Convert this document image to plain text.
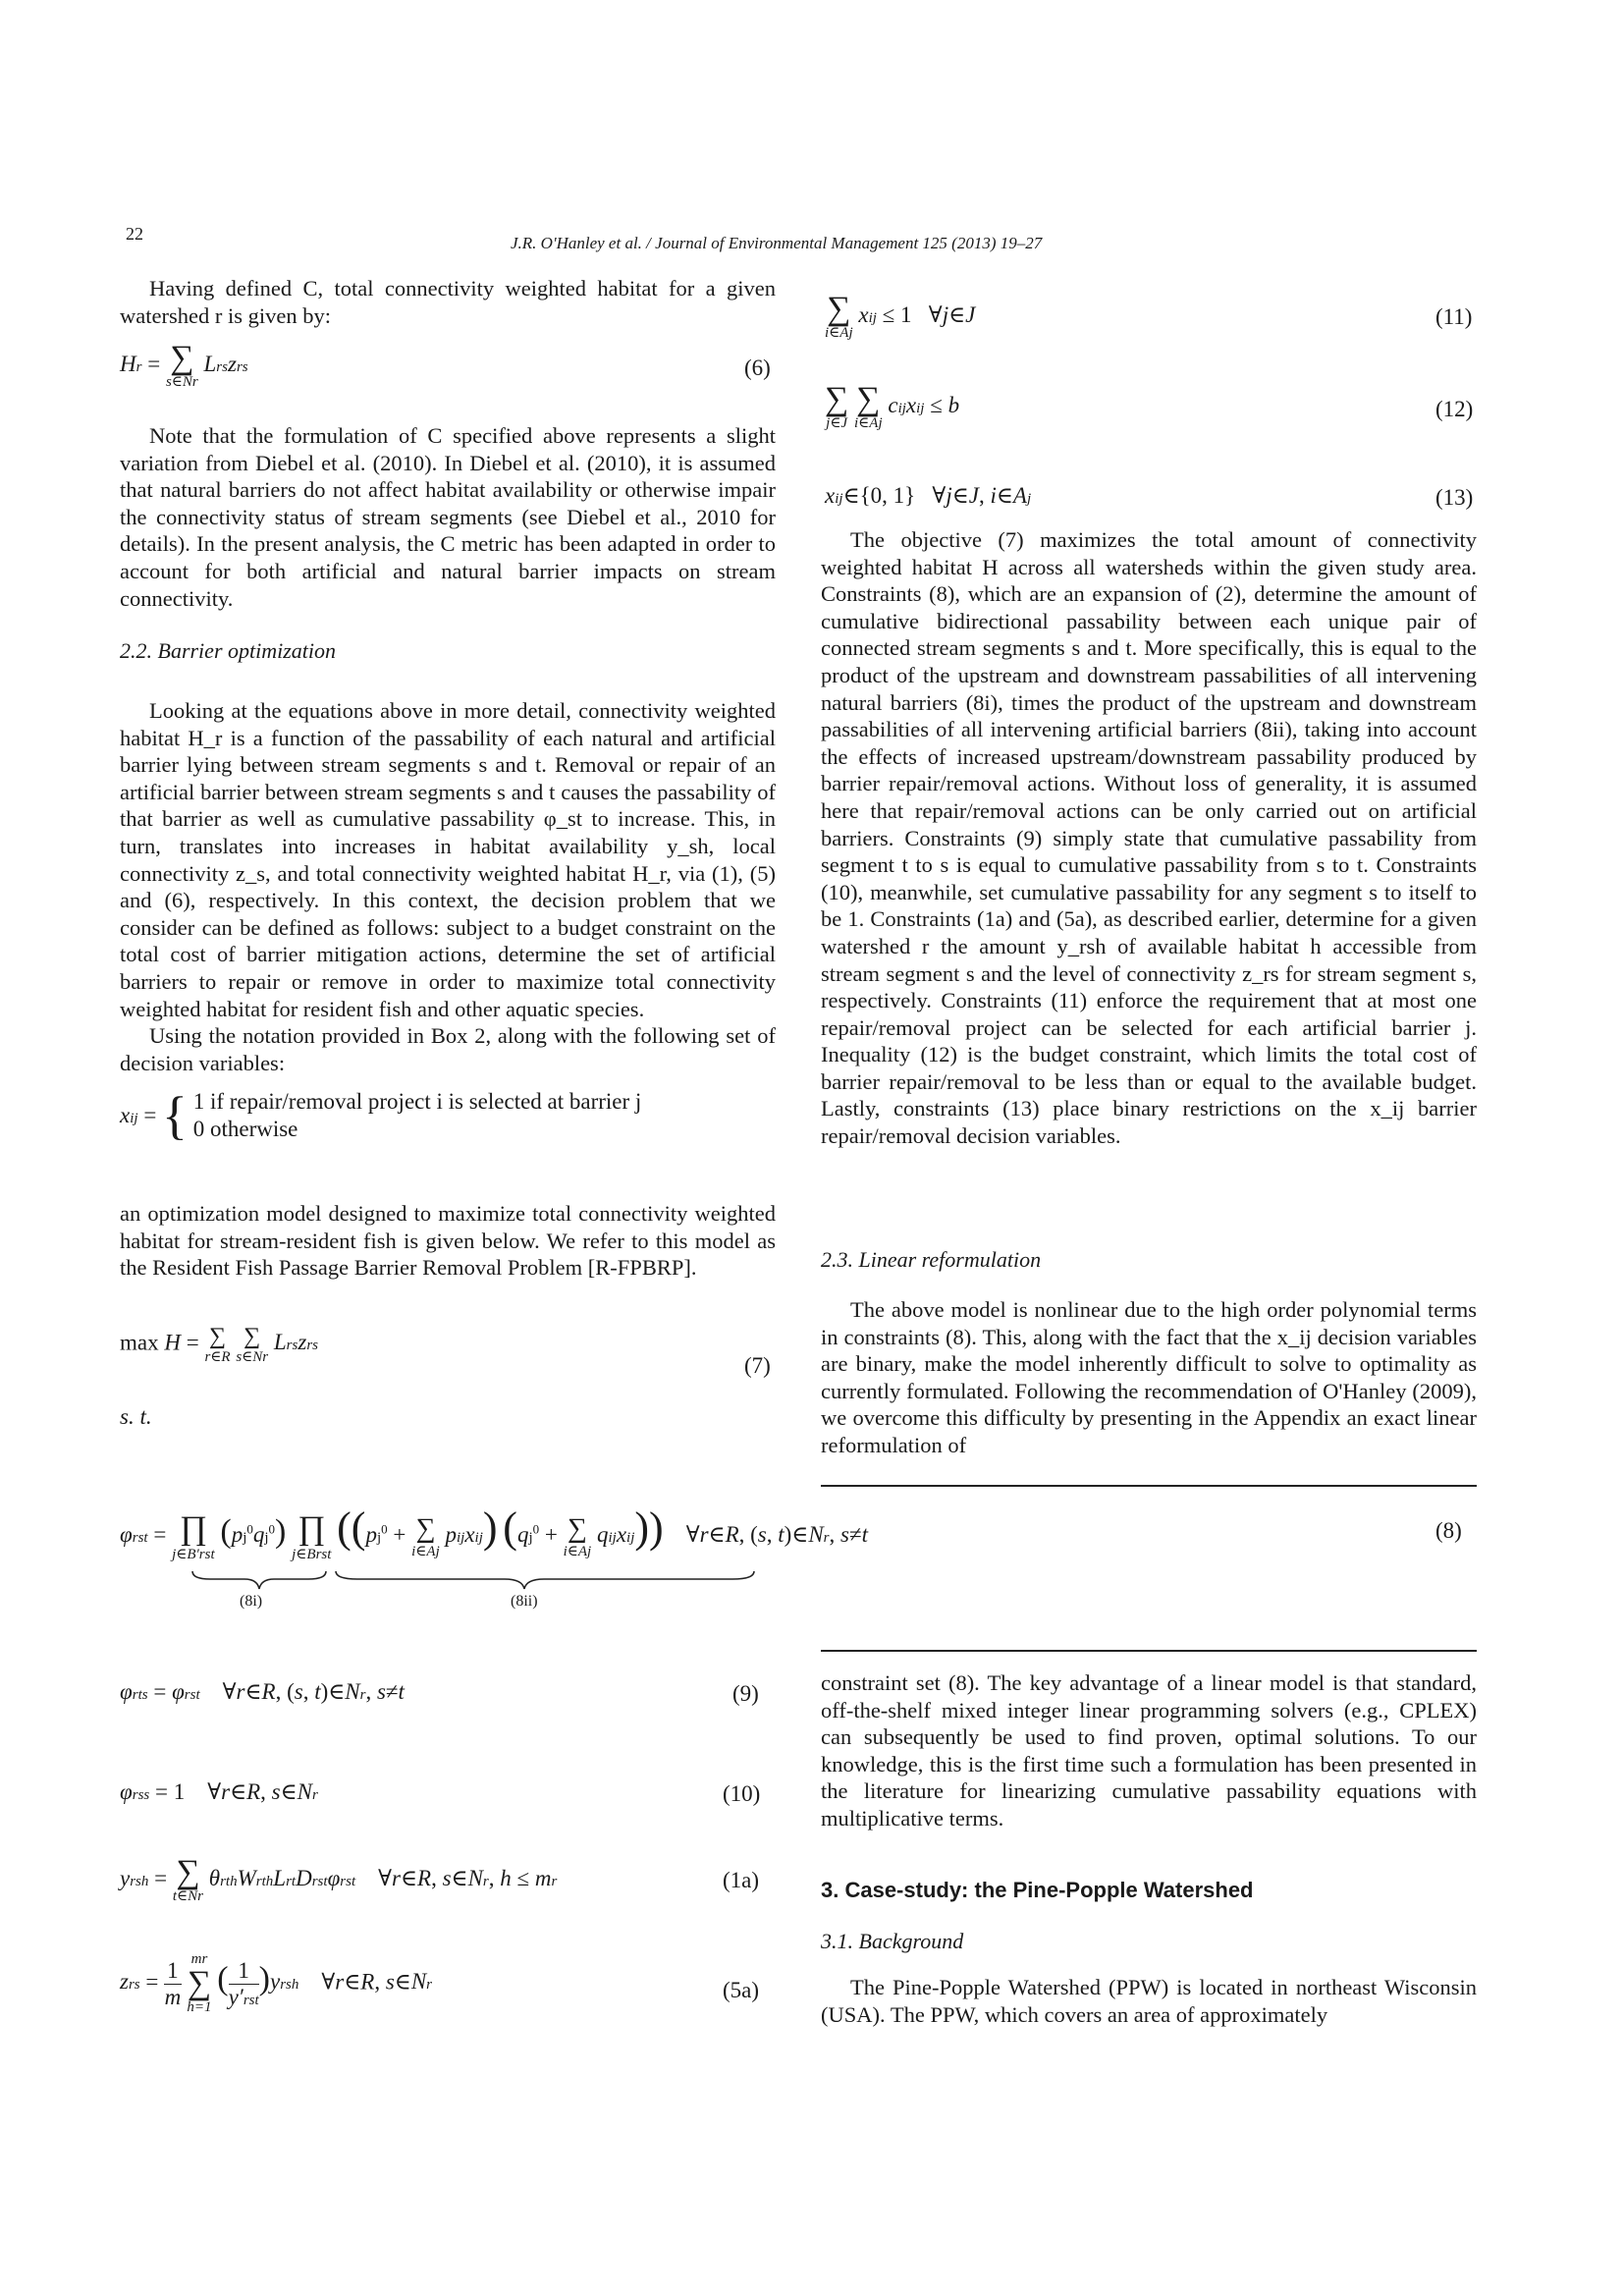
22	J.R. O'Hanley et al. / Journal of Environmental Management 125 (2013) 19–27

Having defined C, total connectivity weighted habitat for a given watershed r is given by:

Hr = ∑
s∈Nr
Lrszrs	(6)

Note that the formulation of C specified above represents a slight variation from Diebel et al. (2010). In Diebel et al. (2010), it is assumed that natural barriers do not affect habitat availability or otherwise impair the connectivity status of stream segments (see Diebel et al., 2010 for details). In the present analysis, the C metric has been adapted in order to account for both artificial and natural barrier impacts on stream connectivity.

2.2. Barrier optimization

Looking at the equations above in more detail, connectivity weighted habitat H_r is a function of the passability of each natural and artificial barrier lying between stream segments s and t. Removal or repair of an artificial barrier between stream segments s and t causes the passability of that barrier as well as cumulative passability φ_st to increase. This, in turn, translates into increases in habitat availability y_sh, local connectivity z_s, and total connectivity weighted habitat H_r, via (1), (5) and (6), respectively. In this context, the decision problem that we consider can be defined as follows: subject to a budget constraint on the total cost of barrier mitigation actions, determine the set of artificial barriers to repair or remove in order to maximize total connectivity weighted habitat for resident fish and other aquatic species.

Using the notation provided in Box 2, along with the following set of decision variables:

xij = { 1 if repair/removal project i is selected at barrier j
0 otherwise

an optimization model designed to maximize total connectivity weighted habitat for stream-resident fish is given below. We refer to this model as the Resident Fish Passage Barrier Removal Problem [R-FPBRP].

max H = ∑
r∈R
∑
s∈Nr
Lrszrs
(7)
s. t.
∑
i∈Aj
xij ≤ 1   ∀j∈J	(11)
∑
j∈J
∑
i∈Aj
cijxij ≤ b	(12)
xij∈{0, 1}   ∀j∈J, i∈Aj	(13)

The objective (7) maximizes the total amount of connectivity weighted habitat H across all watersheds within the given study area. Constraints (8), which are an expansion of (2), determine the amount of cumulative bidirectional passability between each unique pair of connected stream segments s and t. More specifically, this is equal to the product of the upstream and downstream passabilities of all intervening natural barriers (8i), times the product of the upstream and downstream passabilities of all intervening artificial barriers (8ii), taking into account the effects of increased upstream/downstream passability produced by barrier repair/removal actions. Without loss of generality, it is assumed here that repair/removal actions can be only carried out on artificial barriers. Constraints (9) simply state that cumulative passability from segment t to s is equal to cumulative passability from s to t. Constraints (10), meanwhile, set cumulative passability for any segment s to itself to be 1. Constraints (1a) and (5a), as described earlier, determine for a given watershed r the amount y_rsh of available habitat h accessible from stream segment s and the level of connectivity z_rs for stream segment s, respectively. Constraints (11) enforce the requirement that at most one repair/removal project can be selected for each artificial barrier j. Inequality (12) is the budget constraint, which limits the total cost of barrier repair/removal to be less than or equal to the available budget. Lastly, constraints (13) place binary restrictions on the x_ij barrier repair/removal decision variables.

2.3. Linear reformulation

The above model is nonlinear due to the high order polynomial terms in constraints (8). This, along with the fact that the x_ij decision variables are binary, make the model inherently difficult to solve to optimality as currently formulated. Following the recommendation of O'Hanley (2009), we overcome this difficulty by presenting in the Appendix an exact linear reformulation of

φrst = ∏
j∈B′rst
$(pj^0qj^0)$ ∏
j∈Brst
(($pj^0$ + ∑
i∈Aj
pijxij) ($qj^0$ + ∑
i∈Aj
qijxij))    ∀r∈R, (s, t)∈Nr, s≠t
(8i)	(8ii)
(8)
φrts = φrst    ∀r∈R, (s, t)∈Nr, s≠t	(9)
φrss = 1    ∀r∈R, s∈Nr	(10)
yrsh = ∑
t∈Nr
θrthWrthLrtDrstφrst    ∀r∈R, s∈Nr, h ≤ mr	(1a)
zrs = $\frac{1}{m}$
mr
∑
h=1
( 1
y′rst
)yrsh    ∀r∈R, s∈Nr	(5a)

constraint set (8). The key advantage of a linear model is that standard, off-the-shelf mixed integer linear programming solvers (e.g., CPLEX) can subsequently be used to find proven, optimal solutions. To our knowledge, this is the first time such a formulation has been presented in the literature for linearizing cumulative passability equations with multiplicative terms.

3. Case-study: the Pine-Popple Watershed
3.1. Background

The Pine-Popple Watershed (PPW) is located in northeast Wisconsin (USA). The PPW, which covers an area of approximately
